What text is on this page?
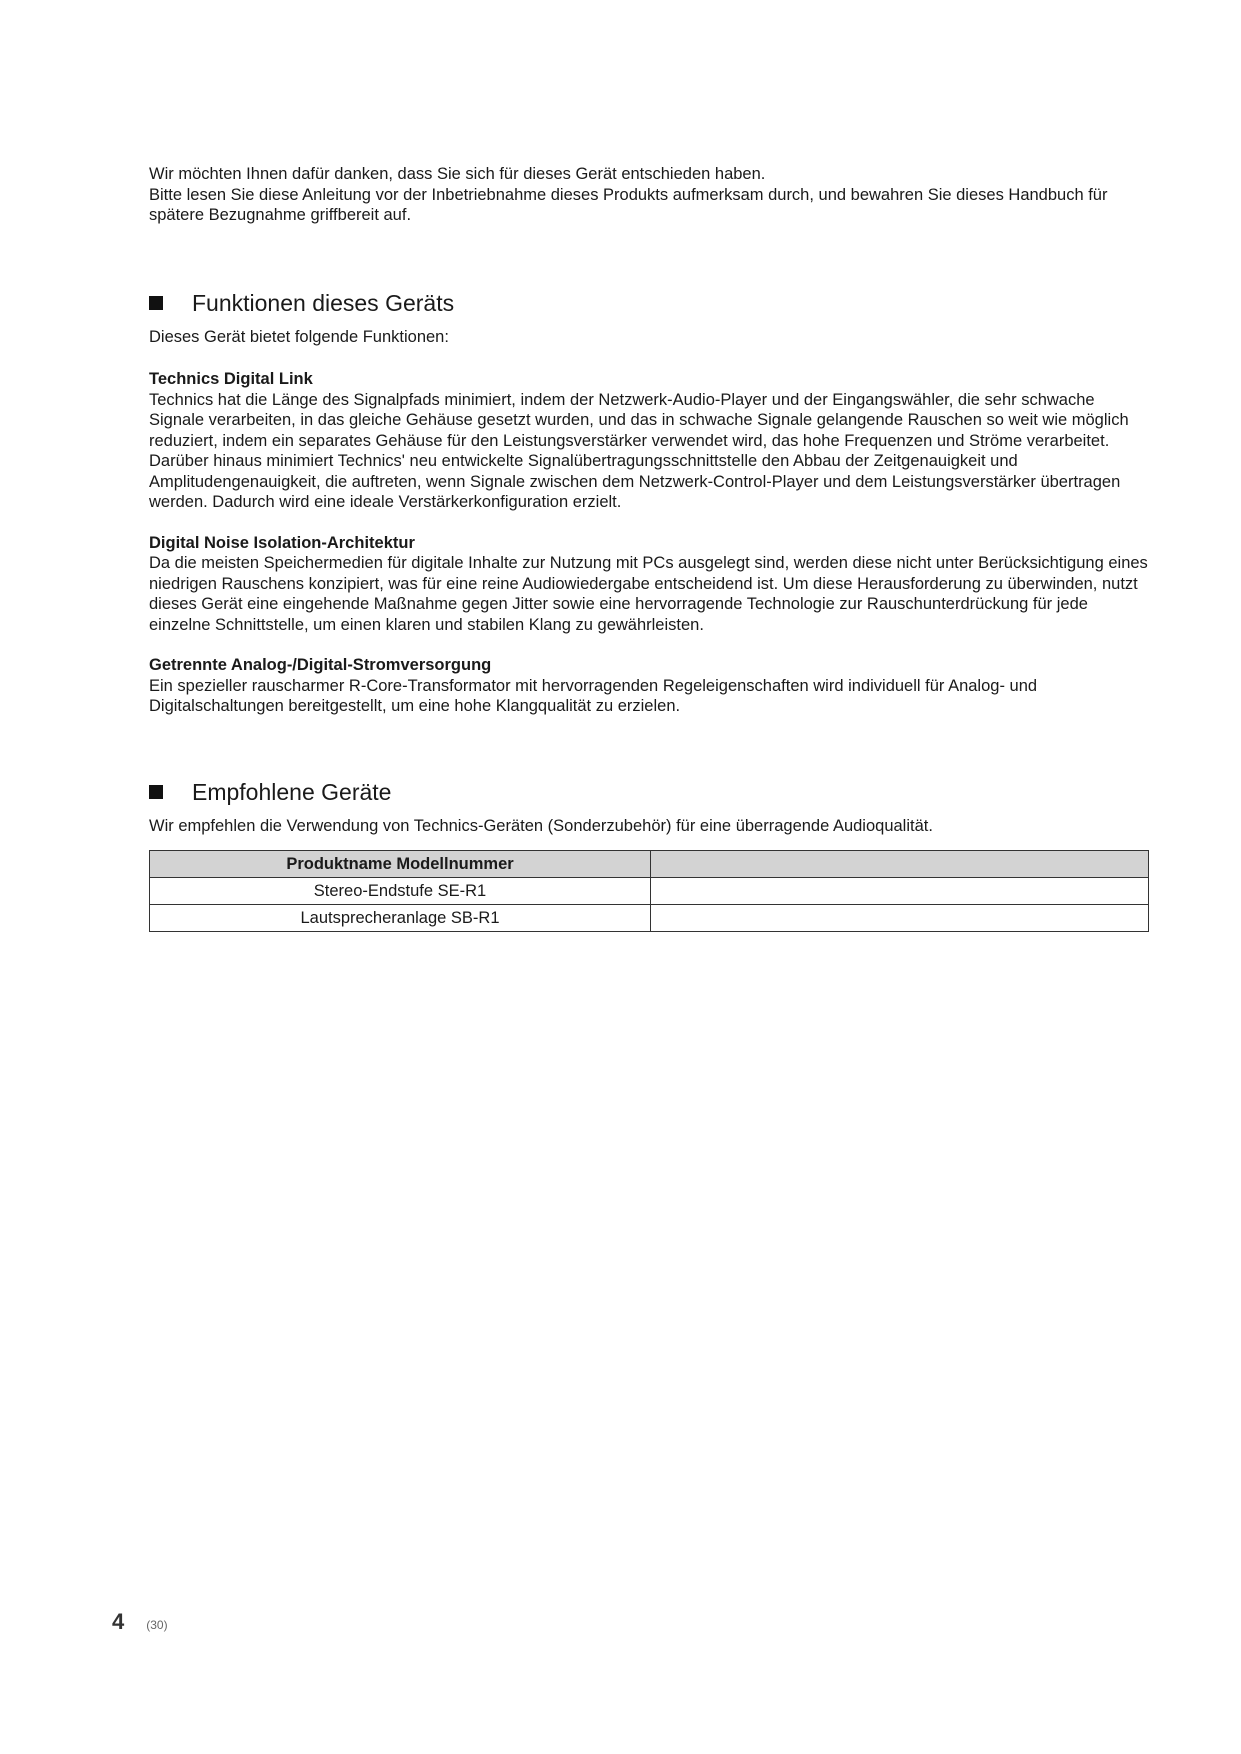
Wir möchten Ihnen dafür danken, dass Sie sich für dieses Gerät entschieden haben.

Bitte lesen Sie diese Anleitung vor der Inbetriebnahme dieses Produkts aufmerksam durch, und bewahren Sie dieses Handbuch für spätere Bezugnahme griffbereit auf.

Funktionen dieses Geräts

Dieses Gerät bietet folgende Funktionen:

Technics Digital Link

Technics hat die Länge des Signalpfads minimiert, indem der Netzwerk-Audio-Player und der Eingangswähler, die sehr schwache Signale verarbeiten, in das gleiche Gehäuse gesetzt wurden, und das in schwache Signale gelangende Rauschen so weit wie möglich reduziert, indem ein separates Gehäuse für den Leistungsverstärker verwendet wird, das hohe Frequenzen und Ströme verarbeitet. Darüber hinaus minimiert Technics' neu entwickelte Signalübertragungsschnittstelle den Abbau der Zeitgenauigkeit und Amplitudengenauigkeit, die auftreten, wenn Signale zwischen dem Netzwerk-Control-Player und dem Leistungsverstärker übertragen werden. Dadurch wird eine ideale Verstärkerkonfiguration erzielt.

Digital Noise Isolation-Architektur

Da die meisten Speichermedien für digitale Inhalte zur Nutzung mit PCs ausgelegt sind, werden diese nicht unter Berücksichtigung eines niedrigen Rauschens konzipiert, was für eine reine Audiowiedergabe entscheidend ist. Um diese Herausforderung zu überwinden, nutzt dieses Gerät eine eingehende Maßnahme gegen Jitter sowie eine hervorragende Technologie zur Rauschunterdrückung für jede einzelne Schnittstelle, um einen klaren und stabilen Klang zu gewährleisten.

Getrennte Analog-/Digital-Stromversorgung

Ein spezieller rauscharmer R-Core-Transformator mit hervorragenden Regeleigenschaften wird individuell für Analog- und Digitalschaltungen bereitgestellt, um eine hohe Klangqualität zu erzielen.

Empfohlene Geräte

Wir empfehlen die Verwendung von Technics-Geräten (Sonderzubehör) für eine überragende Audioqualität.

Produktname Modellnummer	
Stereo-Endstufe SE-R1	
Lautsprecheranlage SB-R1	
4 (30)
